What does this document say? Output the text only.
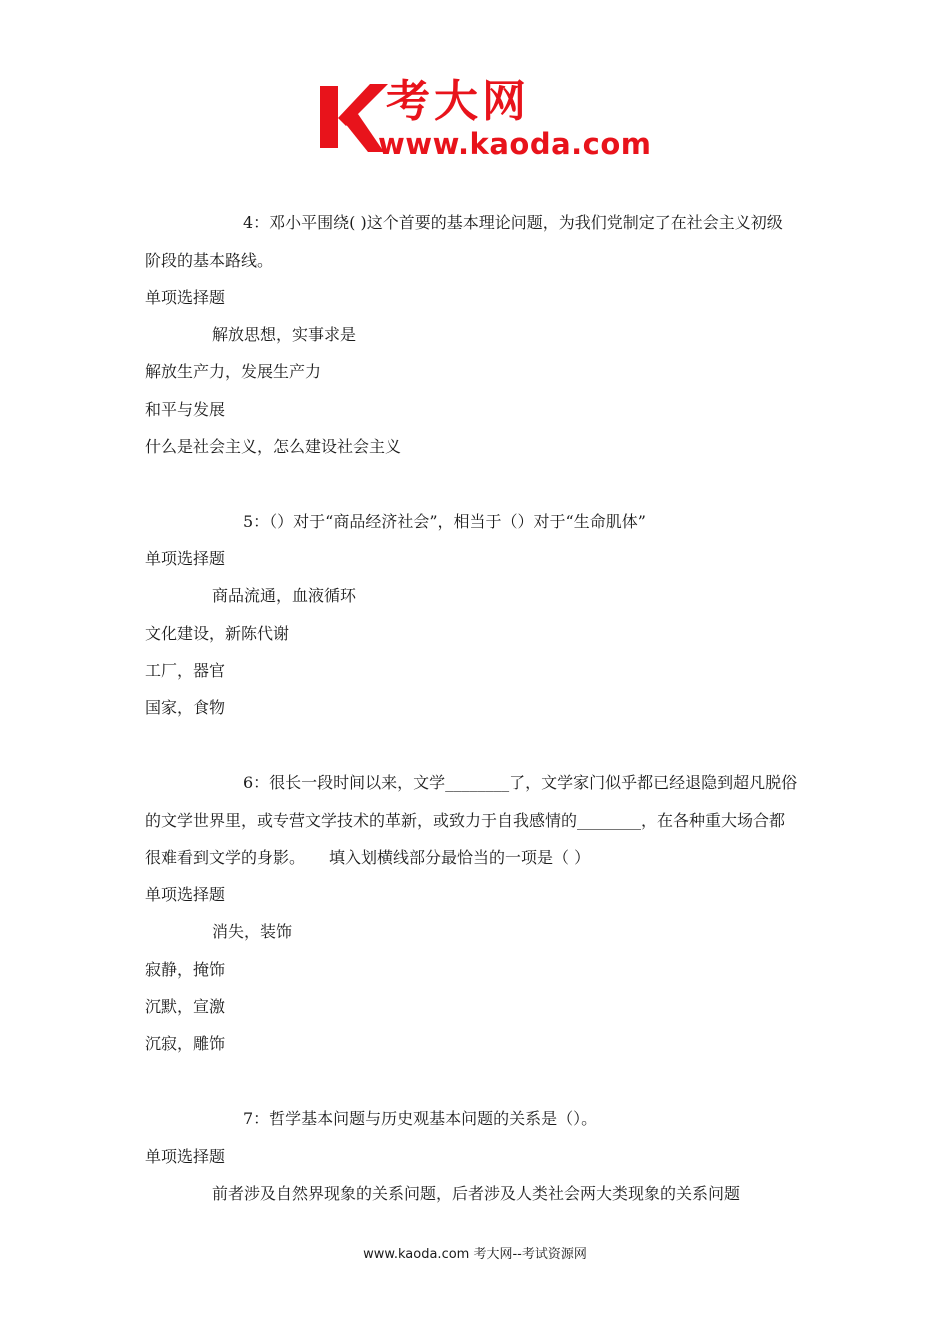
考大网
www.kaoda.com

4：邓小平围绕( )这个首要的基本理论问题，为我们党制定了在社会主义初级

阶段的基本路线。

单项选择题

解放思想，实事求是

解放生产力，发展生产力

和平与发展

什么是社会主义，怎么建设社会主义

5：（）对于“商品经济社会”，相当于（）对于“生命肌体”

单项选择题

商品流通，血液循环

文化建设，新陈代谢

工厂，器官

国家，食物

6：很长一段时间以来，文学________了，文学家门似乎都已经退隐到超凡脱俗

的文学世界里，或专营文学技术的革新，或致力于自我感情的________，在各种重大场合都

很难看到文学的身影。　　填入划横线部分最恰当的一项是（ ）

单项选择题

消失，装饰

寂静，掩饰

沉默，宣激

沉寂，雕饰

7：哲学基本问题与历史观基本问题的关系是（）。

单项选择题

前者涉及自然界现象的关系问题，后者涉及人类社会两大类现象的关系问题

www.kaoda.com 考大网--考试资源网
